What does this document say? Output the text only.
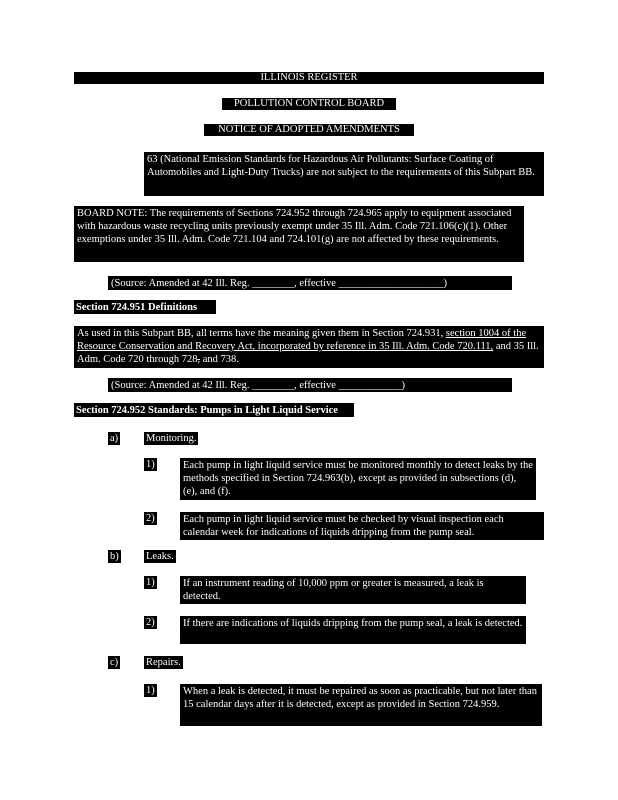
ILLINOIS REGISTER
POLLUTION CONTROL BOARD
NOTICE OF ADOPTED AMENDMENTS
63 (National Emission Standards for Hazardous Air Pollutants: Surface Coating of Automobiles and Light-Duty Trucks) are not subject to the requirements of this Subpart BB.
BOARD NOTE: The requirements of Sections 724.952 through 724.965 apply to equipment associated with hazardous waste recycling units previously exempt under 35 Ill. Adm. Code 721.106(c)(1). Other exemptions under 35 Ill. Adm. Code 721.104 and 724.101(g) are not affected by these requirements.
(Source: Amended at 42 Ill. Reg. ________, effective ____________________)
Section 724.951 Definitions
As used in this Subpart BB, all terms have the meaning given them in Section 724.931, section 1004 of the Resource Conservation and Recovery Act, incorporated by reference in 35 Ill. Adm. Code 720.111, and 35 Ill. Adm. Code 720 through 728, and 738.
(Source: Amended at 42 Ill. Reg. ________, effective ____________)
Section 724.952 Standards: Pumps in Light Liquid Service
a)	Monitoring.
1)	Each pump in light liquid service must be monitored monthly to detect leaks by the methods specified in Section 724.963(b), except as provided in subsections (d), (e), and (f).
2)	Each pump in light liquid service must be checked by visual inspection each calendar week for indications of liquids dripping from the pump seal.
b)	Leaks.
1)	If an instrument reading of 10,000 ppm or greater is measured, a leak is detected.
2)	If there are indications of liquids dripping from the pump seal, a leak is detected.
c)	Repairs.
1)	When a leak is detected, it must be repaired as soon as practicable, but not later than 15 calendar days after it is detected, except as provided in Section 724.959.
